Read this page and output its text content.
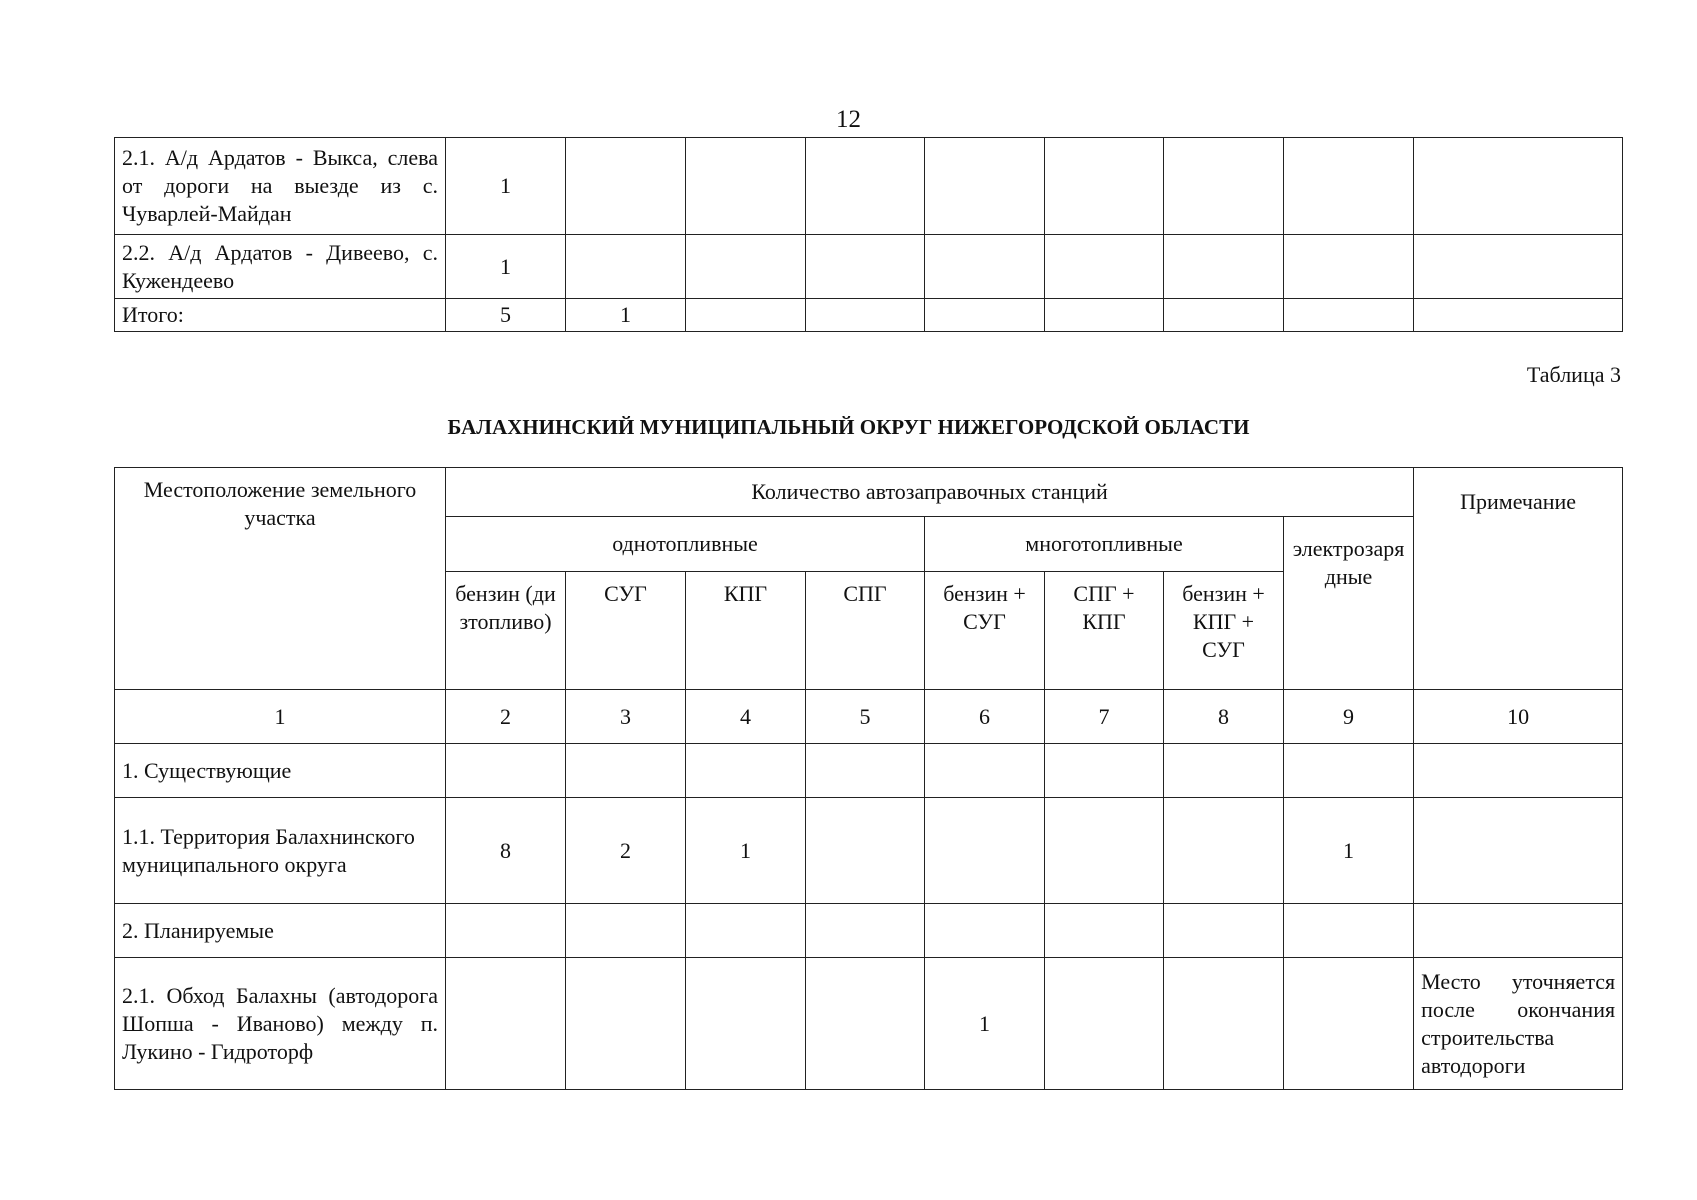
12
2.1. А/д Ардатов - Выкса, слева от дороги на выезде из с. Чуварлей-Майдан	1								
2.2. А/д Ардатов - Дивеево, с. Кужендеево	1								
Итого:	5	1							
Таблица 3
БАЛАХНИНСКИЙ МУНИЦИПАЛЬНЫЙ ОКРУГ НИЖЕГОРОДСКОЙ ОБЛАСТИ
Местоположение земельного участка	Количество автозаправочных станций								Примечание
	однотопливные				многотопливные			электрозарядные	
	бензин (дизтопливо)	СУГ	КПГ	СПГ	бензин + СУГ	СПГ + КПГ	бензин + КПГ + СУГ		
1	2	3	4	5	6	7	8	9	10
1. Существующие									
1.1. Территория Балахнинского муниципального округа	8	2	1					1	
2. Планируемые									
2.1. Обход Балахны (автодорога Шопша - Иваново) между п. Лукино - Гидроторф					1				Место уточняется после окончания строительства автодороги
